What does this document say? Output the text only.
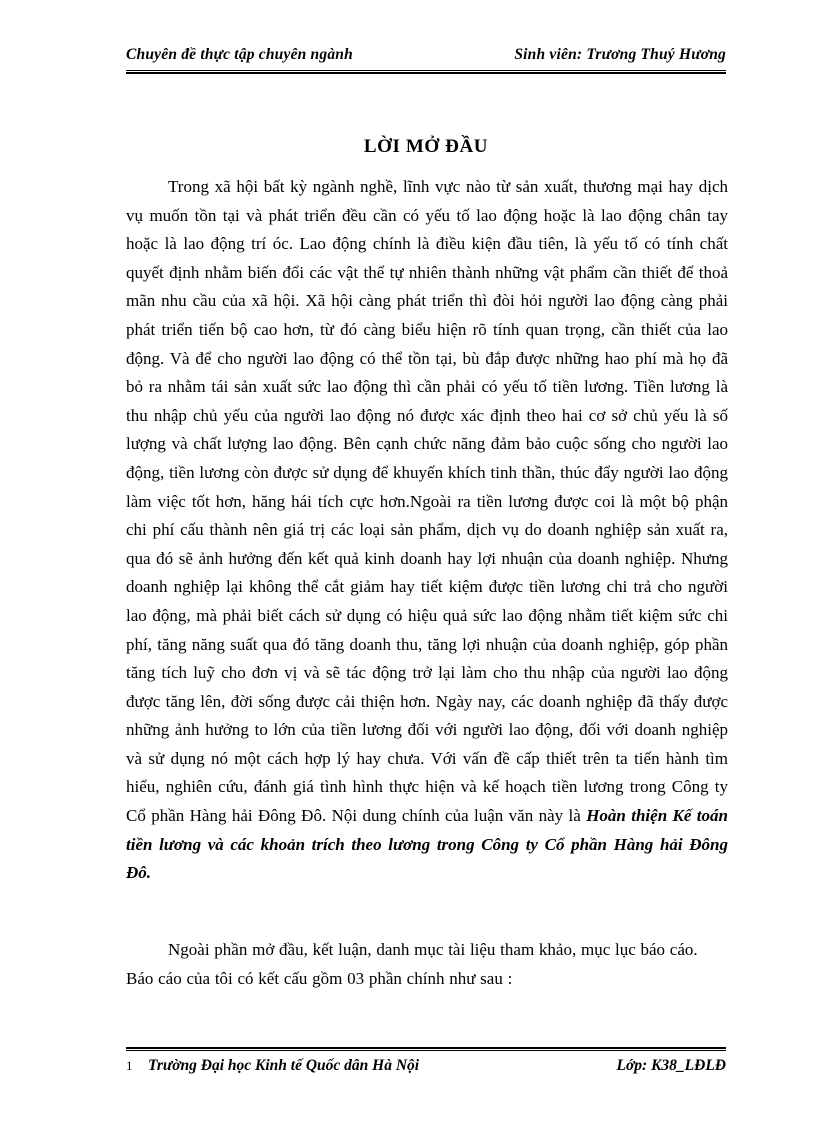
Chuyên đề thực tập chuyên ngành	Sinh viên: Trương Thuý Hương
LỜI MỞ ĐẦU

Trong xã hội bất kỳ ngành nghề, lĩnh vực nào từ sản xuất, thương mại hay dịch vụ muốn tồn tại và phát triển đều cần có yếu tố lao động hoặc là lao động chân tay hoặc là lao động trí óc. Lao động chính là điều kiện đầu tiên, là yếu tố có tính chất quyết định nhằm biến đổi các vật thể tự nhiên thành những vật phẩm cần thiết để thoả mãn nhu cầu của xã hội. Xã hội càng phát triển thì đòi hỏi người lao động càng phải phát triển tiến bộ cao hơn, từ đó càng biểu hiện rõ tính quan trọng, cần thiết của lao động. Và để cho người lao động có thể tồn tại, bù đắp được những hao phí mà họ đã bỏ ra nhằm tái sản xuất sức lao động thì cần phải có yếu tố tiền lương. Tiền lương là thu nhập chủ yếu của người lao động nó được xác định theo hai cơ sở chủ yếu là số lượng và chất lượng lao động. Bên cạnh chức năng đảm bảo cuộc sống cho người lao động, tiền lương còn được sử dụng để khuyến khích tinh thần, thúc đẩy người lao động làm việc tốt hơn, hăng hái tích cực hơn.Ngoài ra tiền lương được coi là một bộ phận chi phí cấu thành nên giá trị các loại sản phẩm, dịch vụ do doanh nghiệp sản xuất ra, qua đó sẽ ảnh hưởng đến kết quả kinh doanh hay lợi nhuận của doanh nghiệp. Nhưng doanh nghiệp lại không thể cắt giảm hay tiết kiệm được tiền lương chi trả cho người lao động, mà phải biết cách sử dụng có hiệu quả sức lao động nhằm tiết kiệm sức chi phí, tăng năng suất qua đó tăng doanh thu, tăng lợi nhuận của doanh nghiệp, góp phần tăng tích luỹ cho đơn vị và sẽ tác động trở lại làm cho thu nhập của người lao động được tăng lên, đời sống được cải thiện hơn. Ngày nay, các doanh nghiệp đã thấy được những ảnh hưởng to lớn của tiền lương đối với người lao động, đối với doanh nghiệp và sử dụng nó một cách hợp lý hay chưa. Với vấn đề cấp thiết trên ta tiến hành tìm hiểu, nghiên cứu, đánh giá tình hình thực hiện và kế hoạch tiền lương trong Công ty Cổ phần Hàng hải Đông Đô. Nội dung chính của luận văn này là Hoàn thiện Kế toán tiền lương và các khoản trích theo lương trong Công ty Cổ phần Hàng hải Đông Đô.

Ngoài phần mở đầu, kết luận, danh mục tài liệu tham khảo, mục lục báo cáo.

Báo cáo của tôi có kết cấu gồm 03 phần chính như sau :

1	Trường Đại học Kinh tế Quốc dân Hà Nội	Lớp: K38_LĐLĐ
